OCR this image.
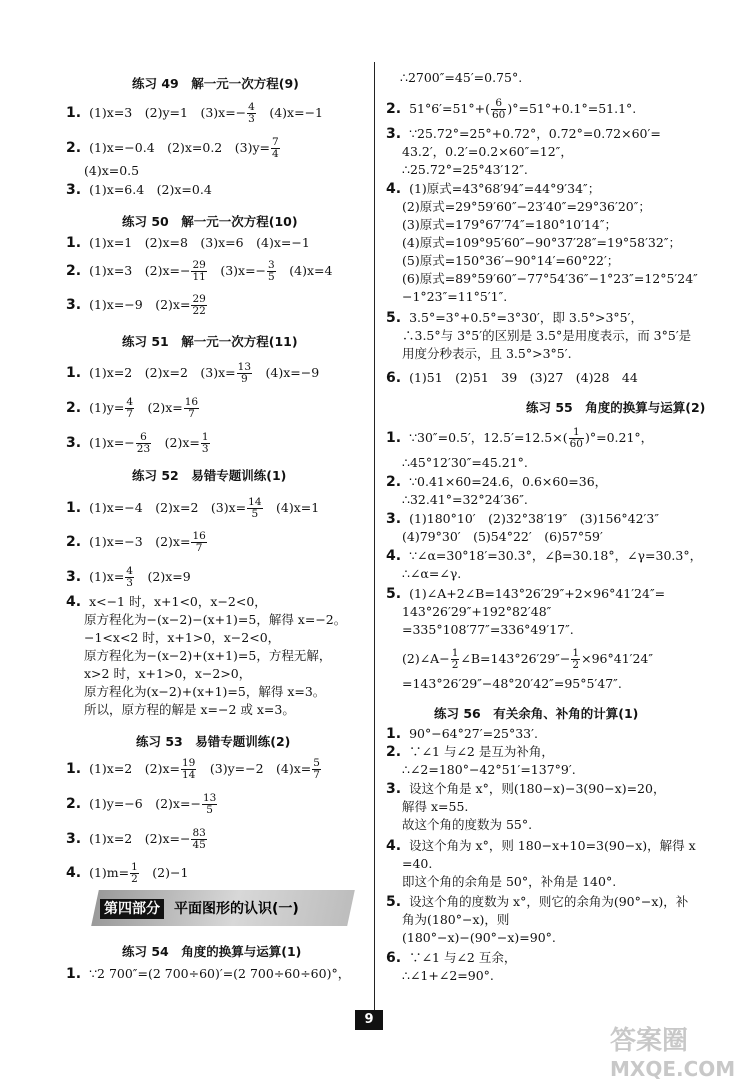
练习 49　解一元一次方程(9)
1. (1)x=3　(2)y=1　$(3)x=- \frac{4}{3}$ 　(4)x=−1
2. (1)x=−0.4　(2)x=0.2　$(3)y= \frac{7}{4}$
(4)x=0.5
3. (1)x=6.4　(2)x=0.4
练习 50　解一元一次方程(10)
1. (1)x=1　(2)x=8　(3)x=6　(4)x=−1
2. (1)x=3　$(2)x=- \frac{29}{11}$ 　$(3)x=- \frac{3}{5}$ 　(4)x=4
3. (1)x=−9　$(2)x= \frac{29}{22}$
练习 51　解一元一次方程(11)
1. (1)x=2　(2)x=2　$(3)x= \frac{13}{9}$ 　(4)x=−9
2. $(1)y= \frac{4}{7}$ 　$(2)x= \frac{16}{7}$
3. $(1)x=- \frac{6}{23}$ 　$(2)x= \frac{1}{3}$
练习 52　易错专题训练(1)
1. (1)x=−4　(2)x=2　$(3)x= \frac{14}{5}$ 　(4)x=1
2. (1)x=−3　$(2)x= \frac{16}{7}$
3. $(1)x= \frac{4}{3}$ 　(2)x=9
4. x<−1 时，x+1<0，x−2<0，
原方程化为−(x−2)−(x+1)=5，解得 x=−2。
−1<x<2 时，x+1>0，x−2<0，
原方程化为−(x−2)+(x+1)=5，方程无解，
x>2 时，x+1>0，x−2>0，
原方程化为(x−2)+(x+1)=5，解得 x=3。
所以，原方程的解是 x=−2 或 x=3。
练习 53　易错专题训练(2)
1. (1)x=2　$(2)x= \frac{19}{14}$ 　(3)y=−2　$(4)x= \frac{5}{7}$
2. (1)y=−6　$(2)x=- \frac{13}{5}$
3. (1)x=2　$(2)x=- \frac{83}{45}$
4. $(1)m= \frac{1}{2}$ 　(2)−1
第四部分 平面图形的认识(一)
练习 54　角度的换算与运算(1)
1. ∵2 700″=(2 700÷60)′=(2 700÷60÷60)°，
∴2700″=45′=0.75°.
2. $51^\circ 6'=51^\circ+( \frac{6}{60} )^\circ=51^\circ+0.1^\circ=51.1^\circ$.
3. ∵25.72°=25°+0.72°，0.72°=0.72×60′=
43.2′，0.2′=0.2×60″=12″，
∴25.72°=25°43′12″.
4. (1)原式=43°68′94″=44°9′34″；
(2)原式=29°59′60″−23′40″=29°36′20″；
(3)原式=179°67′74″=180°10′14″；
(4)原式=109°95′60″−90°37′28″=19°58′32″；
(5)原式=150°36′−90°14′=60°22′；
(6)原式=89°59′60″−77°54′36″−1°23″=12°5′24″
−1°23″=11°5′1″.
5. 3.5°=3°+0.5°=3°30′，即 3.5°>3°5′，
∴3.5°与 3°5′的区别是 3.5°是用度表示，而 3°5′是
用度分秒表示，且 3.5°>3°5′.
6. (1)51　(2)51　39　(3)27　(4)28　44
练习 55　角度的换算与运算(2)
1. ∵30″=0.5′，$12.5'=12.5\times( \frac{1}{60} )^\circ=0.21^\circ$，
∴45°12′30″=45.21°.
2. ∵0.41×60=24.6，0.6×60=36，
∴32.41°=32°24′36″.
3. (1)180°10′　(2)32°38′19″　(3)156°42′3″
(4)79°30′　(5)54°22′　(6)57°59′
4. ∵∠α=30°18′=30.3°，∠β=30.18°，∠γ=30.3°，
∴∠α=∠γ.
5. (1)∠A+2∠B=143°26′29″+2×96°41′24″=
143°26′29″+192°82′48″
=335°108′77″=336°49′17″.
(2)∠A− $\frac{1}{2}$ ∠B=143°26′29″− $\frac{1}{2} \times 96^\circ 41'24''$
=143°26′29″−48°20′42″=95°5′47″.
练习 56　有关余角、补角的计算(1)
1. 90°−64°27′=25°33′.
2. ∵∠1 与∠2 是互为补角，
∴∠2=180°−42°51′=137°9′.
3. 设这个角是 x°，则(180−x)−3(90−x)=20，
解得 x=55.
故这个角的度数为 55°.
4. 设这个角为 x°，则 180−x+10=3(90−x)，解得 x
=40.
即这个角的余角是 50°，补角是 140°.
5. 设这个角的度数为 x°，则它的余角为(90°−x)，补
角为(180°−x)，则
(180°−x)−(90°−x)=90°.
6. ∵∠1 与∠2 互余，
∴∠1+∠2=90°.
9
答案圈
MXQE.COM
